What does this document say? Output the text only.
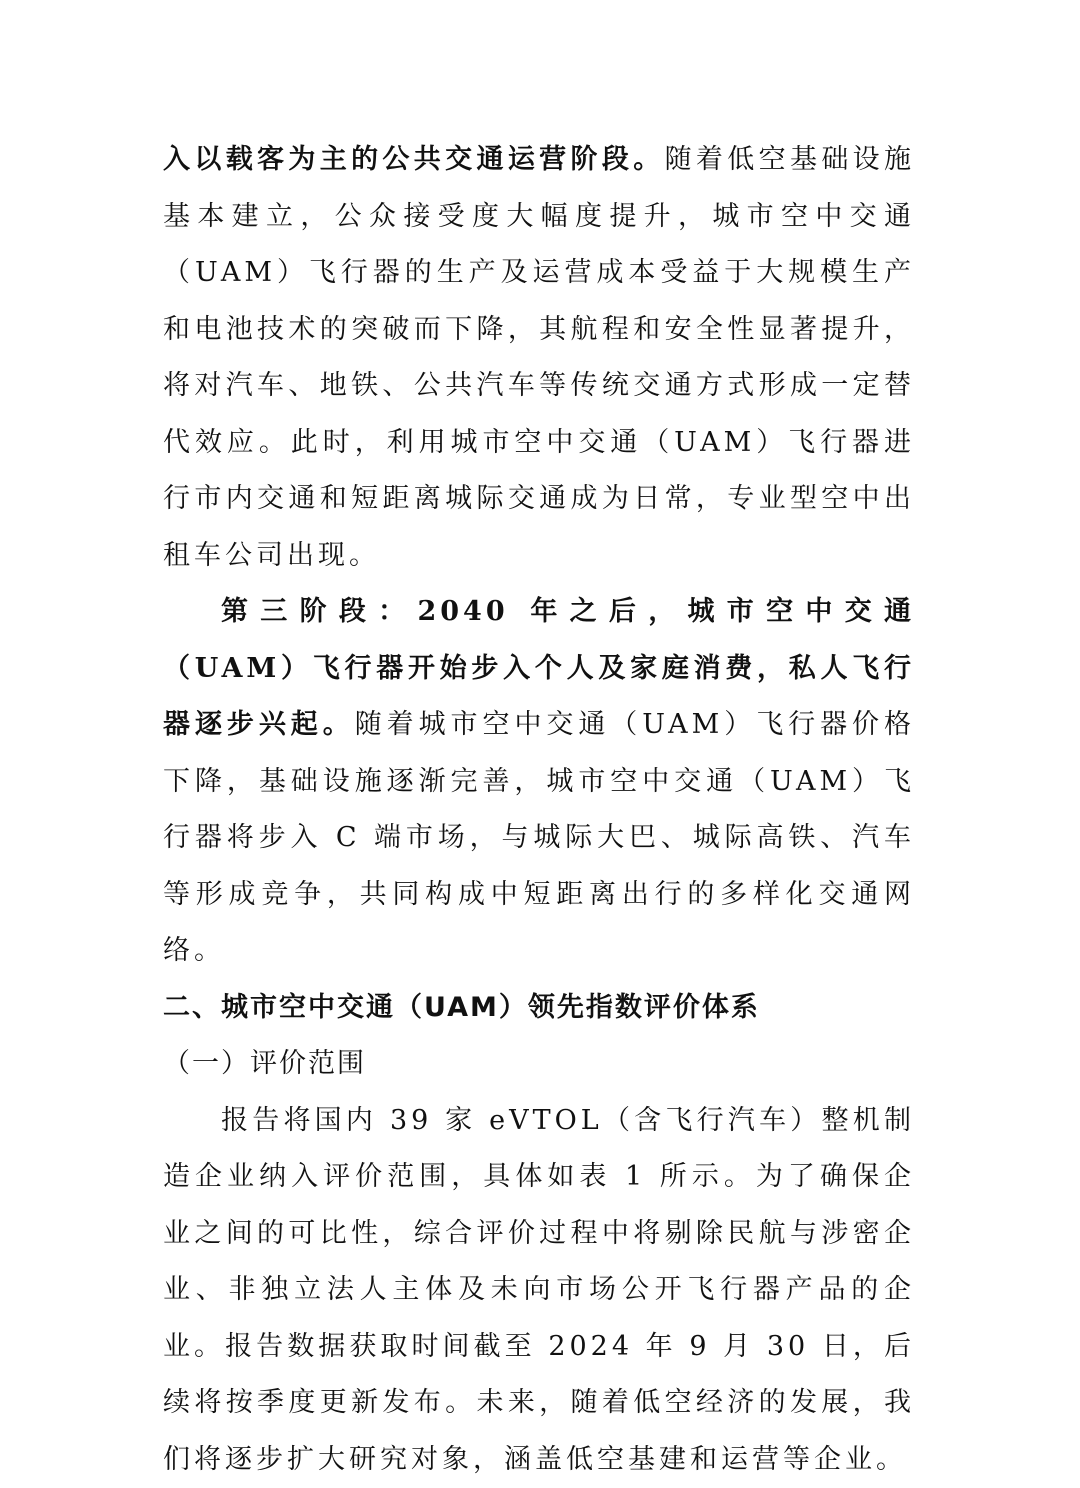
入以载客为主的公共交通运营阶段。随着低空基础设施基本建立，公众接受度大幅度提升，城市空中交通（UAM）飞行器的生产及运营成本受益于大规模生产和电池技术的突破而下降，其航程和安全性显著提升，将对汽车、地铁、公共汽车等传统交通方式形成一定替代效应。此时，利用城市空中交通（UAM）飞行器进行市内交通和短距离城际交通成为日常，专业型空中出租车公司出现。

第三阶段：2040 年之后，城市空中交通（UAM）飞行器开始步入个人及家庭消费，私人飞行器逐步兴起。随着城市空中交通（UAM）飞行器价格下降，基础设施逐渐完善，城市空中交通（UAM）飞行器将步入 C 端市场，与城际大巴、城际高铁、汽车等形成竞争，共同构成中短距离出行的多样化交通网络。

二、城市空中交通（UAM）领先指数评价体系

（一）评价范围

报告将国内 39 家 eVTOL（含飞行汽车）整机制造企业纳入评价范围，具体如表 1 所示。为了确保企业之间的可比性，综合评价过程中将剔除民航与涉密企业、非独立法人主体及未向市场公开飞行器产品的企业。报告数据获取时间截至 2024 年 9 月 30 日，后续将按季度更新发布。未来，随着低空经济的发展，我们将逐步扩大研究对象，涵盖低空基建和运营等企业。
